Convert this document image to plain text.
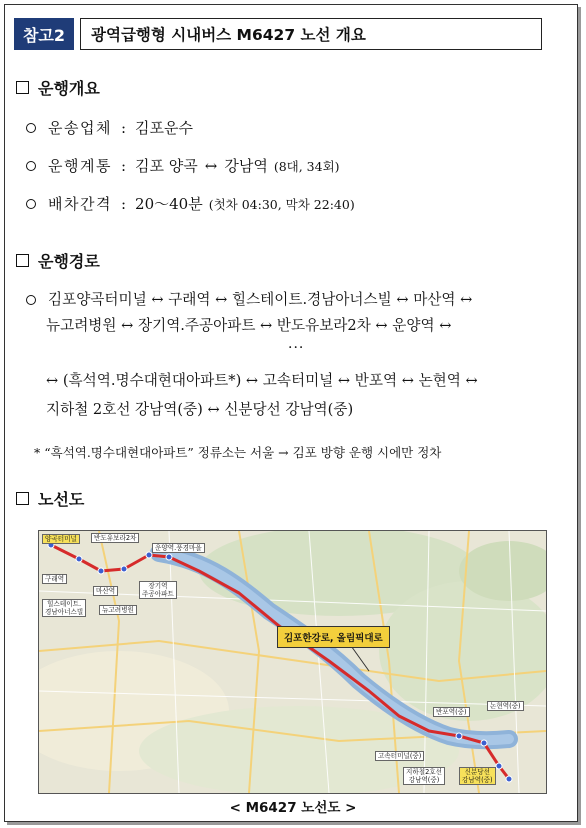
참고2	광역급행형 시내버스 M6427 노선 개요
운행개요
운송업체 : 김포운수
운행계통 : 김포 양곡 ↔ 강남역 (8대, 34회)
배차간격 : 20～40분 (첫차 04:30, 막차 22:40)
운행경로
김포양곡터미널 ↔ 구래역 ↔ 힐스테이트.경남아너스빌 ↔ 마산역 ↔
뉴고려병원 ↔ 장기역.주공아파트 ↔ 반도유보라2차 ↔ 운양역 ↔
···
↔ (흑석역.명수대현대아파트*) ↔ 고속터미널 ↔ 반포역 ↔ 논현역 ↔
지하철 2호선 강남역(중) ↔ 신분당선 강남역(중)
* “흑석역.명수대현대아파트” 정류소는 서울 → 김포 방향 운행 시에만 정차
노선도
양곡터미널	반도유보라2차
운양역.풍경마을
구래역
마산역
장기역
주공아파트
힐스테이트.
경남아너스빌	뉴고려병원
김포한강로, 올림픽대로
반포역(중)
논현역(중)
고속터미널(중)
지하철2호선
강남역(중)
신분당선
강남역(중)
< M6427 노선도 >
